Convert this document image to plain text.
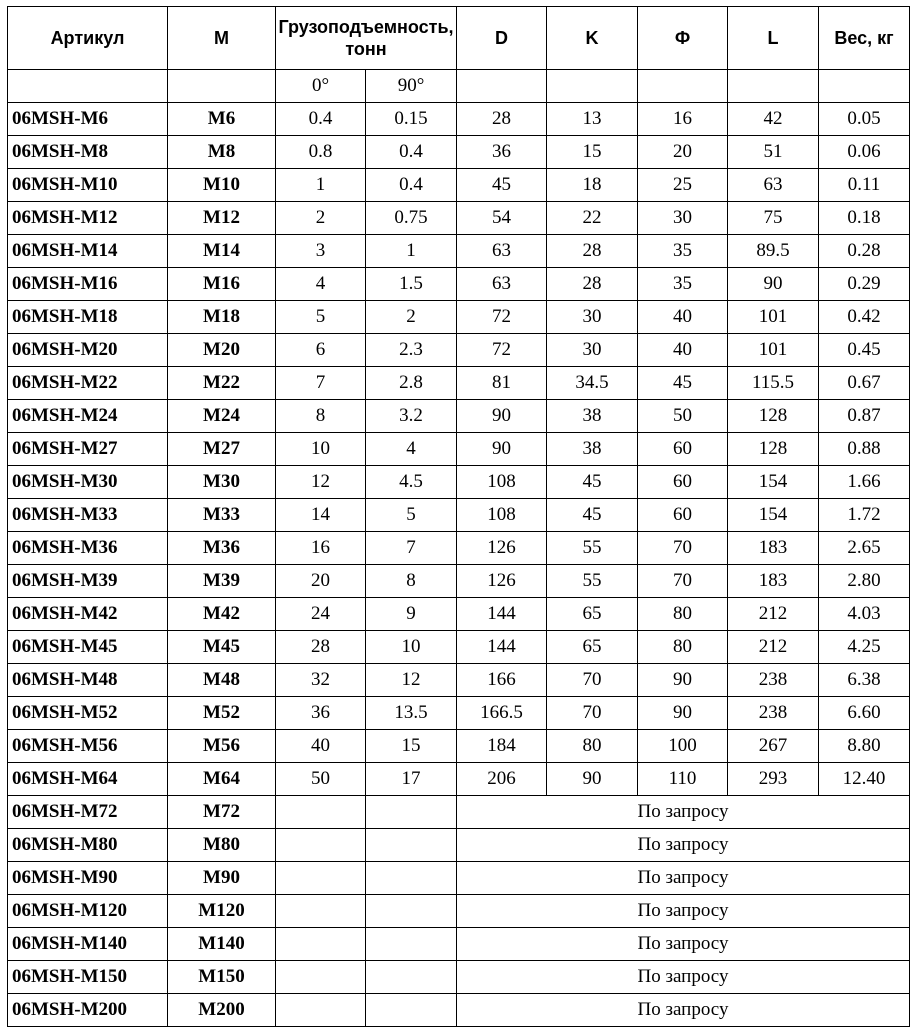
Артикул	M	Грузоподъемность, тонн		D	K	Ф	L	Вес, кг
		0°	90°					
06MSH-M6	M6	0.4	0.15	28	13	16	42	0.05
06MSH-M8	M8	0.8	0.4	36	15	20	51	0.06
06MSH-M10	M10	1	0.4	45	18	25	63	0.11
06MSH-M12	M12	2	0.75	54	22	30	75	0.18
06MSH-M14	M14	3	1	63	28	35	89.5	0.28
06MSH-M16	M16	4	1.5	63	28	35	90	0.29
06MSH-M18	M18	5	2	72	30	40	101	0.42
06MSH-M20	M20	6	2.3	72	30	40	101	0.45
06MSH-M22	M22	7	2.8	81	34.5	45	115.5	0.67
06MSH-M24	M24	8	3.2	90	38	50	128	0.87
06MSH-M27	M27	10	4	90	38	60	128	0.88
06MSH-M30	M30	12	4.5	108	45	60	154	1.66
06MSH-M33	M33	14	5	108	45	60	154	1.72
06MSH-M36	M36	16	7	126	55	70	183	2.65
06MSH-M39	M39	20	8	126	55	70	183	2.80
06MSH-M42	M42	24	9	144	65	80	212	4.03
06MSH-M45	M45	28	10	144	65	80	212	4.25
06MSH-M48	M48	32	12	166	70	90	238	6.38
06MSH-M52	M52	36	13.5	166.5	70	90	238	6.60
06MSH-M56	M56	40	15	184	80	100	267	8.80
06MSH-M64	M64	50	17	206	90	110	293	12.40
06MSH-M72	M72			По запросу				
06MSH-M80	M80			По запросу				
06MSH-M90	M90			По запросу				
06MSH-M120	M120			По запросу				
06MSH-M140	M140			По запросу				
06MSH-M150	M150			По запросу				
06MSH-M200	M200			По запросу				
